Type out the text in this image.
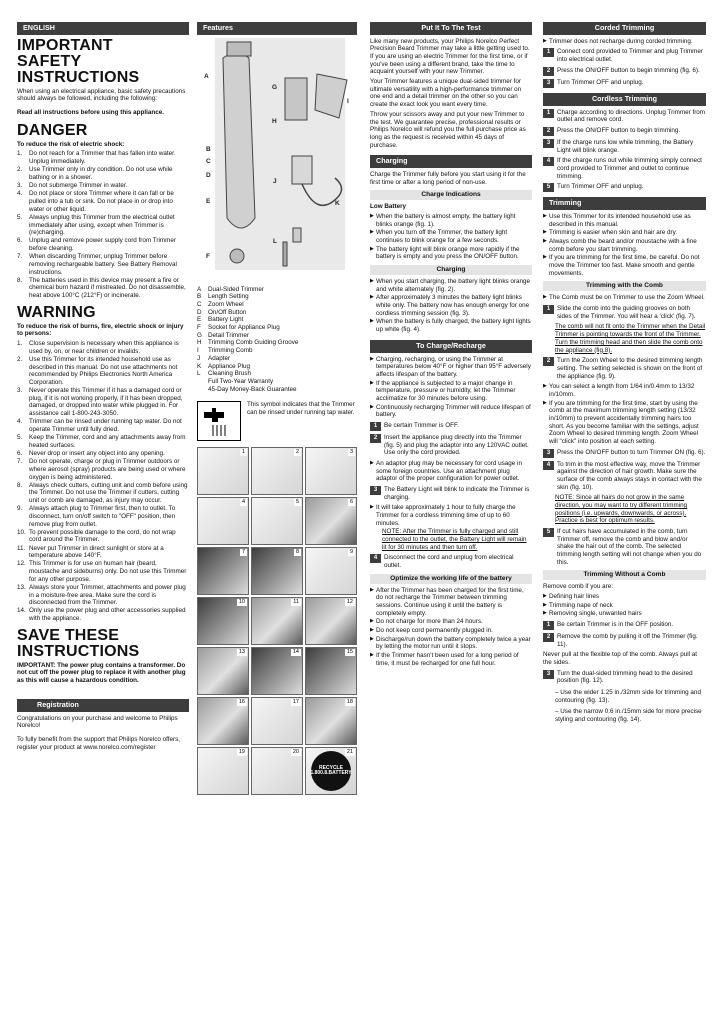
ENGLISH
IMPORTANT
SAFETY
INSTRUCTIONS

When using an electrical appliance, basic safety precautions should always be followed, including the following:

Read all instructions before using this appliance.

DANGER

To reduce the risk of electric shock:

1.	Do not reach for a Trimmer that has fallen into water. Unplug immediately.
2.	Use Trimmer only in dry condition. Do not use while bathing or in a shower.
3.	Do not submerge Trimmer in water.
4.	Do not place or store Trimmer where it can fall or be pulled into a tub or sink. Do not place in or drop into water or other liquid.
5.	Always unplug this Trimmer from the electrical outlet immediately after using, except when Trimmer is (re)charging.
6.	Unplug and remove power supply cord from Trimmer before cleaning.
7.	When discarding Trimmer, unplug Trimmer before removing rechargeable battery. See Battery Removal instructions.
8.	The batteries used in this device may present a fire or chemical burn hazard if mistreated. Do not disassemble, heat above 100°C (212°F) or incinerate.
WARNING

To reduce the risk of burns, fire, electric shock or injury to persons:

1.	Close supervision is necessary when this appliance is used by, on, or near children or invalids.
2.	Use this Trimmer for its intended household use as described in this manual. Do not use attachments not recommended by Philips Electronics North America Corporation.
3.	Never operate this Trimmer if it has a damaged cord or plug, if it is not working properly, if it has been dropped, damaged, or dropped into water while plugged in. For assistance call 1-800-243-3050.
4.	Trimmer can be rinsed under running tap water. Do not operate Trimmer until fully dried.
5.	Keep the Trimmer, cord and any attachments away from heated surfaces.
6.	Never drop or insert any object into any opening.
7.	Do not operate, charge or plug in Trimmer outdoors or where aerosol (spray) products are being used or where oxygen is being administered.
8.	Always check cutters, cutting unit and comb before using the Trimmer. Do not use the Trimmer if cutters, cutting unit or comb are damaged, as injury may occur.
9.	Always attach plug to Trimmer first, then to outlet. To disconnect, turn on/off switch to "OFF" position, then remove plug from outlet.
10. To prevent possible damage to the cord, do not wrap cord around the Trimmer.
11. Never put Trimmer in direct sunlight or store at a temperature above 140°F.
12. This Trimmer is for use on human hair (beard, moustache and sideburns) only. Do not use this Trimmer for any other purpose.
13. Always store your Trimmer, attachments and power plug in a moisture-free area. Make sure the cord is disconnected from the Trimmer.
14. Only use the power plug and other accessories supplied with the appliance.
SAVE THESE
INSTRUCTIONS

IMPORTANT: The power plug contains a transformer. Do not cut off the power plug to replace it with another plug as this will cause a hazardous condition.

Registration

Congratulations on your purchase and welcome to Philips Norelco!

To fully benefit from the support that Philips Norelco offers, register your product at www.norelco.com/register

Features
A
B
C
D
E
F
G
H
I
J
K
L
A	Dual-Sided Trimmer
B	Length Setting
C	Zoom Wheel
D	On/Off Button
E	Battery Light
F	Socket for Appliance Plug
G Detail Trimmer
H	Trimming Comb Guiding Groove
I	Trimming Comb
J	Adapter
K	Appliance Plug
L	Cleaning Brush
Full Two-Year Warranty
45-Day Money-Back Guarantee

This symbol indicates that the Trimmer can be rinsed under running tap water.

1	2	3
4	5	6
7	8	9
10	11	12
13	14	15
16	17	18
19	20	21
RECYCLE 1.800.8.BATTERY
Put It To The Test

Like many new products, your Philips Norelco Perfect Precision Beard Trimmer may take a little getting used to. If you are using an electric Trimmer for the first time, or if you've been using a different brand, take the time to acquaint yourself with your new Trimmer.

Your Trimmer features a unique dual-sided trimmer for ultimate versatility with a high-performance trimmer on one end and a detail trimmer on the other so you can create the exact look you want every time.

Throw your scissors away and put your new Trimmer to the test. We guarantee precise, professional results or Philips Norelco will refund you the full purchase price as long as the request is received within 45 days of purchase.

Charging

Charge the Trimmer fully before you start using it for the first time or after a long period of non-use.

Charge Indications

Low Battery

▶ When the battery is almost empty, the battery light blinks orange (fig. 1).
▶ When you turn off the Trimmer, the battery light continues to blink orange for a few seconds.
▶ The battery light will blink orange more rapidly if the battery is empty and you press the ON/OFF button.
Charging
▶ When you start charging, the battery light blinks orange and white alternately (fig. 2).
▶ After approximately 3 minutes the battery light blinks white only. The battery now has enough energy for one cordless trimming session (fig. 3).
▶ When the battery is fully charged, the battery light lights up white (fig. 4).
To Charge/Recharge
▶ Charging, recharging, or using the Trimmer at temperatures below 40°F or higher than 95°F adversely affects lifespan of the battery.
▶ If the appliance is subjected to a major change in temperature, pressure or humidity, let the Trimmer acclimatize for 30 minutes before using.
▶ Continuously recharging Trimmer will reduce lifespan of battery.
1	Be certain Trimmer is OFF.
2	Insert the appliance plug directly into the Trimmer (fig. 5) and plug the adaptor into any 120VAC outlet. Use only the cord provided.
▶ An adaptor plug may be necessary for cord usage in some foreign countries. Use an attachment plug adaptor of the proper configuration for power outlet.
3	The Battery Light will blink to indicate the Trimmer is charging.
▶ It will take approximately 1 hour to fully charge the Trimmer for a cordless trimming time of up to 60 minutes.

NOTE: After the Trimmer is fully charged and still connected to the outlet, the Battery Light will remain lit for 30 minutes and then turn off.

4	Disconnect the cord and unplug from electrical outlet.
Optimize the working life of the battery
▶ After the Trimmer has been charged for the first time, do not recharge the Trimmer between trimming sessions. Continue using it until the battery is completely empty.
▶ Do not charge for more than 24 hours.
▶ Do not keep cord permanently plugged in.
▶ Discharge/run down the battery completely twice a year by letting the motor run until it stops.
▶ If the Trimmer hasn't been used for a long period of time, it must be recharged for one full hour.
Corded Trimming
▶ Trimmer does not recharge during corded trimming.
1	Connect cord provided to Trimmer and plug Trimmer into electrical outlet.
2	Press the ON/OFF button to begin trimming (fig. 6).
3	Turn Trimmer OFF and unplug.
Cordless Trimming
1	Charge according to directions. Unplug Trimmer from outlet and remove cord.
2	Press the ON/OFF button to begin trimming.
3	If the charge runs low while trimming, the Battery Light will blink orange.
4	If the charge runs out while trimming simply connect cord provided to Trimmer and outlet to continue trimming.
5	Turn Trimmer OFF and unplug.
Trimming
▶ Use this Trimmer for its intended household use as described in this manual.
▶ Trimming is easier when skin and hair are dry.
▶ Always comb the beard and/or moustache with a fine comb before you start trimming.
▶ If you are trimming for the first time, be careful. Do not move the Trimmer too fast. Make smooth and gentle movements.
Trimming with the Comb
▶ The Comb must be on Trimmer to use the Zoom Wheel.
1	Slide the comb into the guiding grooves on both sides of the Trimmer. You will hear a 'click' (fig. 7).

The comb will not fit onto the Trimmer when the Detail Trimmer is pointing towards the front of the Trimmer. Turn the trimming head and then slide the comb onto the appliance (fig.8).

2	Turn the Zoom Wheel to the desired trimming length setting. The setting selected is shown on the front of the appliance (fig. 9).
▶ You can select a length from 1/64 in/0.4mm to 13/32 in/10mm.
▶ If you are trimming for the first time, start by using the comb at the maximum trimming length setting (13/32 in/10mm) to prevent accidentally trimming hairs too short. As you become familiar with the settings, adjust Zoom Wheel to desired trimming length. Zoom Wheel will "click" into position at each setting.
3	Press the ON/OFF button to turn Trimmer ON (fig. 6).
4	To trim in the most effective way, move the Trimmer against the direction of hair growth. Make sure the surface of the comb always stays in contact with the skin (fig. 10).

NOTE: Since all hairs do not grow in the same direction, you may want to try different trimming positions (i.e. upwards, downwards, or across). Practice is best for optimum results.

5	If cut hairs have accumulated in the comb, turn Trimmer off, remove the comb and blow and/or shake the hair out of the comb. The selected trimming length setting will not change when you do this.
Trimming Without a Comb

Remove comb if you are:

▶ Defining hair lines
▶ Trimming nape of neck
▶ Removing single, unwanted hairs
1	Be certain Trimmer is in the OFF position.
2	Remove the comb by pulling it off the Trimmer (fig. 11).

Never pull at the flexible top of the comb. Always pull at the sides.

3	Turn the dual-sided trimming head to the desired position (fig. 12).

– Use the wider 1.25 in./32mm side for trimming and contouring (fig. 13).

– Use the narrow 0.6 in./15mm side for more precise styling and contouring (fig. 14).
